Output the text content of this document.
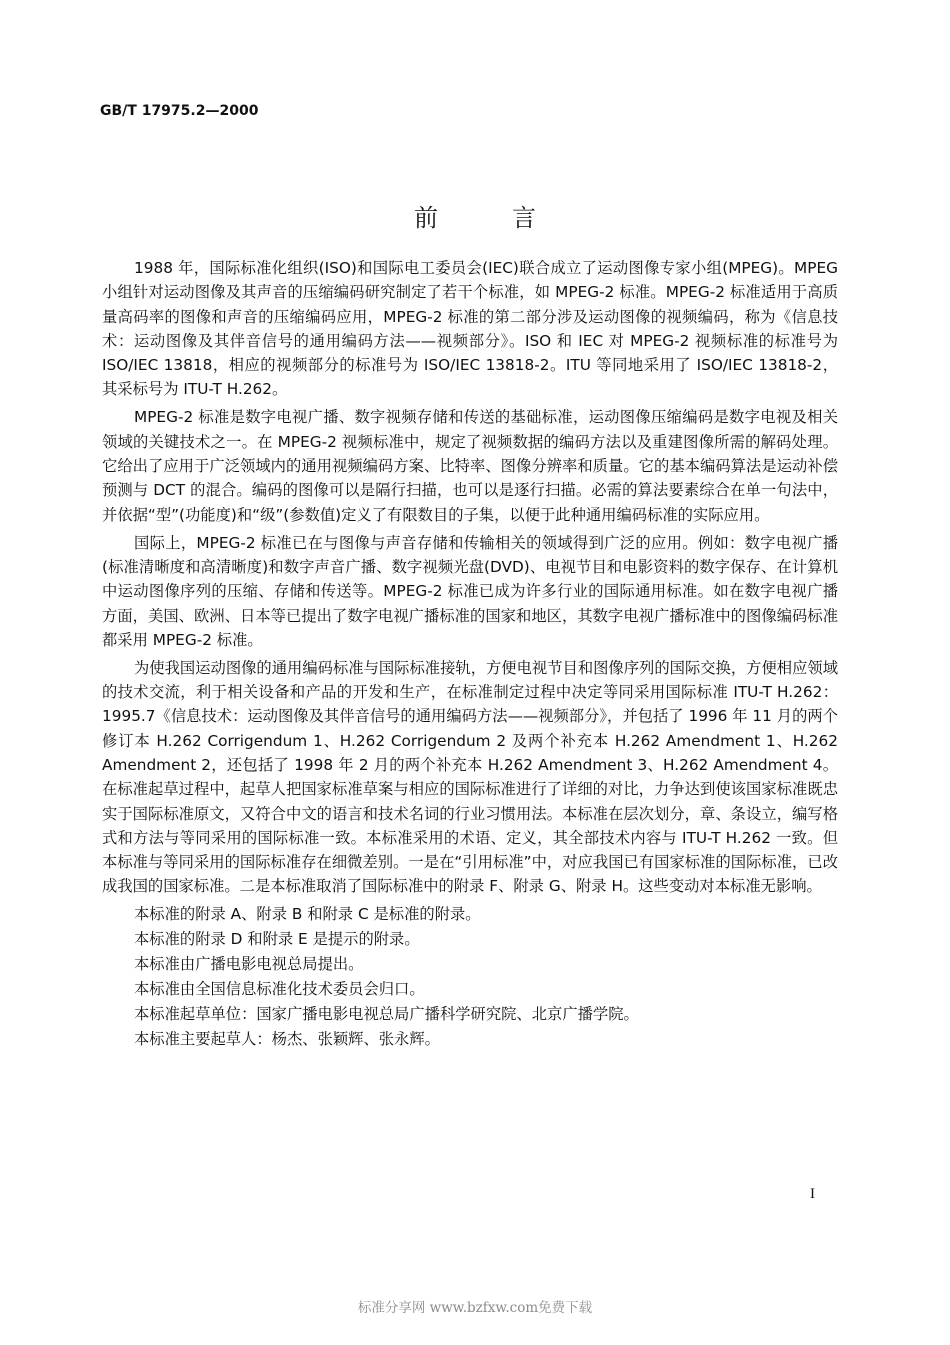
GB/T 17975.2—2000
前言

1988 年，国际标准化组织(ISO)和国际电工委员会(IEC)联合成立了运动图像专家小组(MPEG)。MPEG 小组针对运动图像及其声音的压缩编码研究制定了若干个标准，如 MPEG-2 标准。MPEG-2 标准适用于高质量高码率的图像和声音的压缩编码应用，MPEG-2 标准的第二部分涉及运动图像的视频编码，称为《信息技术：运动图像及其伴音信号的通用编码方法——视频部分》。ISO 和 IEC 对 MPEG-2 视频标准的标准号为 ISO/IEC 13818，相应的视频部分的标准号为 ISO/IEC 13818-2。ITU 等同地采用了 ISO/IEC 13818-2，其采标号为 ITU-T H.262。

MPEG-2 标准是数字电视广播、数字视频存储和传送的基础标准，运动图像压缩编码是数字电视及相关领域的关键技术之一。在 MPEG-2 视频标准中，规定了视频数据的编码方法以及重建图像所需的解码处理。它给出了应用于广泛领域内的通用视频编码方案、比特率、图像分辨率和质量。它的基本编码算法是运动补偿预测与 DCT 的混合。编码的图像可以是隔行扫描，也可以是逐行扫描。必需的算法要素综合在单一句法中，并依据“型”(功能度)和“级”(参数值)定义了有限数目的子集，以便于此种通用编码标准的实际应用。

国际上，MPEG-2 标准已在与图像与声音存储和传输相关的领域得到广泛的应用。例如：数字电视广播(标准清晰度和高清晰度)和数字声音广播、数字视频光盘(DVD)、电视节目和电影资料的数字保存、在计算机中运动图像序列的压缩、存储和传送等。MPEG-2 标准已成为许多行业的国际通用标准。如在数字电视广播方面，美国、欧洲、日本等已提出了数字电视广播标准的国家和地区，其数字电视广播标准中的图像编码标准都采用 MPEG-2 标准。

为使我国运动图像的通用编码标准与国际标准接轨，方便电视节目和图像序列的国际交换，方便相应领域的技术交流，利于相关设备和产品的开发和生产，在标准制定过程中决定等同采用国际标准 ITU-T H.262：1995.7《信息技术：运动图像及其伴音信号的通用编码方法——视频部分》，并包括了 1996 年 11 月的两个修订本 H.262 Corrigendum 1、H.262 Corrigendum 2 及两个补充本 H.262 Amendment 1、H.262 Amendment 2，还包括了 1998 年 2 月的两个补充本 H.262 Amendment 3、H.262 Amendment 4。在标准起草过程中，起草人把国家标准草案与相应的国际标准进行了详细的对比，力争达到使该国家标准既忠实于国际标准原文，又符合中文的语言和技术名词的行业习惯用法。本标准在层次划分，章、条设立，编写格式和方法与等同采用的国际标准一致。本标准采用的术语、定义，其全部技术内容与 ITU-T H.262 一致。但本标准与等同采用的国际标准存在细微差别。一是在“引用标准”中，对应我国已有国家标准的国际标准，已改成我国的国家标准。二是本标准取消了国际标准中的附录 F、附录 G、附录 H。这些变动对本标准无影响。

本标准的附录 A、附录 B 和附录 C 是标准的附录。

本标准的附录 D 和附录 E 是提示的附录。

本标准由广播电影电视总局提出。

本标准由全国信息标准化技术委员会归口。

本标准起草单位：国家广播电影电视总局广播科学研究院、北京广播学院。

本标准主要起草人：杨杰、张颖辉、张永辉。

I
标准分享网 www.bzfxw.com免费下载
